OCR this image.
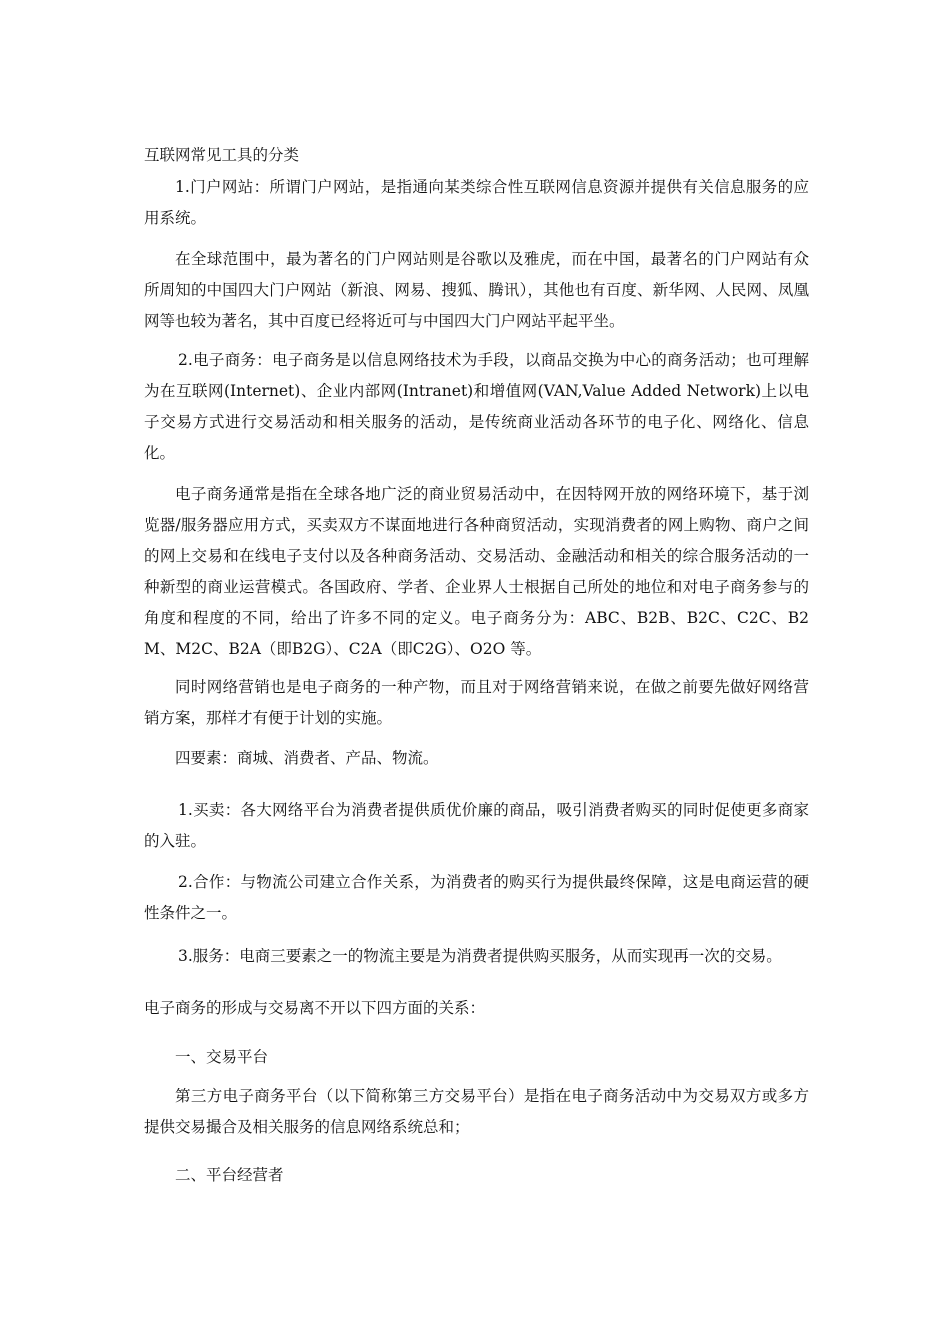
互联网常见工具的分类

1.门户网站：所谓门户网站，是指通向某类综合性互联网信息资源并提供有关信息服务的应用系统。

在全球范围中，最为著名的门户网站则是谷歌以及雅虎，而在中国，最著名的门户网站有众所周知的中国四大门户网站（新浪、网易、搜狐、腾讯），其他也有百度、新华网、人民网、凤凰网等也较为著名，其中百度已经将近可与中国四大门户网站平起平坐。

2.电子商务：电子商务是以信息网络技术为手段，以商品交换为中心的商务活动；也可理解为在互联网(Internet)、企业内部网(Intranet)和增值网(VAN,Value Added Network)上以电子交易方式进行交易活动和相关服务的活动，是传统商业活动各环节的电子化、网络化、信息化。

电子商务通常是指在全球各地广泛的商业贸易活动中，在因特网开放的网络环境下，基于浏览器/服务器应用方式，买卖双方不谋面地进行各种商贸活动，实现消费者的网上购物、商户之间的网上交易和在线电子支付以及各种商务活动、交易活动、金融活动和相关的综合服务活动的一种新型的商业运营模式。各国政府、学者、企业界人士根据自己所处的地位和对电子商务参与的角度和程度的不同，给出了许多不同的定义。电子商务分为：ABC、B2B、B2C、C2C、B2M、M2C、B2A（即B2G）、C2A（即C2G）、O2O 等。

同时网络营销也是电子商务的一种产物，而且对于网络营销来说，在做之前要先做好网络营销方案，那样才有便于计划的实施。

四要素：商城、消费者、产品、物流。

1.买卖：各大网络平台为消费者提供质优价廉的商品，吸引消费者购买的同时促使更多商家的入驻。

2.合作：与物流公司建立合作关系，为消费者的购买行为提供最终保障，这是电商运营的硬性条件之一。

3.服务：电商三要素之一的物流主要是为消费者提供购买服务，从而实现再一次的交易。

电子商务的形成与交易离不开以下四方面的关系：

一、交易平台

第三方电子商务平台（以下简称第三方交易平台）是指在电子商务活动中为交易双方或多方提供交易撮合及相关服务的信息网络系统总和；

二、平台经营者
